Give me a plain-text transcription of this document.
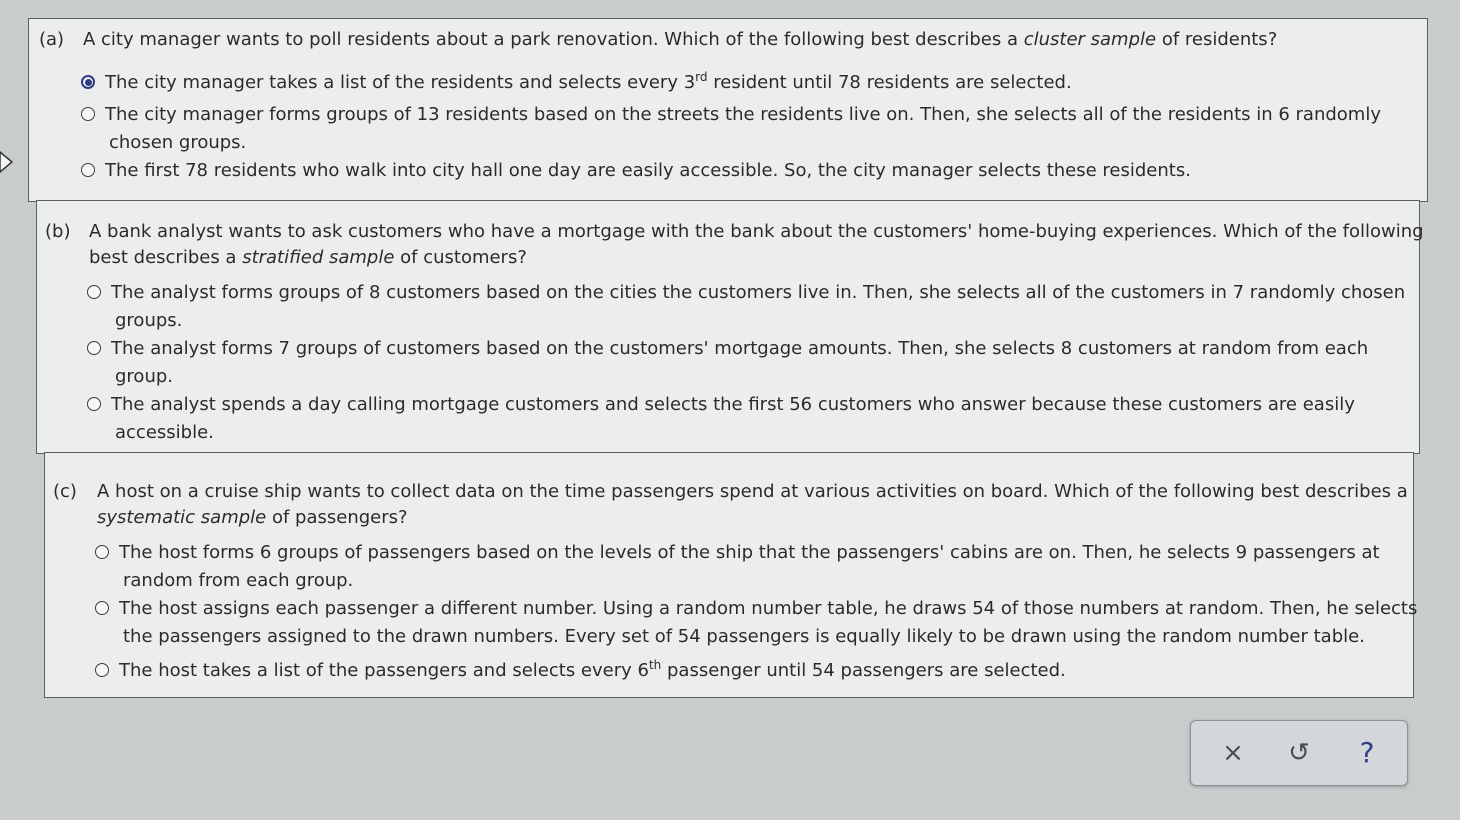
(a) A city manager wants to poll residents about a park renovation. Which of the following best describes a cluster sample of residents?
The city manager takes a list of the residents and selects every 3rd resident until 78 residents are selected.
The city manager forms groups of 13 residents based on the streets the residents live on. Then, she selects all of the residents in 6 randomly
chosen groups.
The first 78 residents who walk into city hall one day are easily accessible. So, the city manager selects these residents.
(b) A bank analyst wants to ask customers who have a mortgage with the bank about the customers' home-buying experiences. Which of the following
best describes a stratified sample of customers?
The analyst forms groups of 8 customers based on the cities the customers live in. Then, she selects all of the customers in 7 randomly chosen
groups.
The analyst forms 7 groups of customers based on the customers' mortgage amounts. Then, she selects 8 customers at random from each
group.
The analyst spends a day calling mortgage customers and selects the first 56 customers who answer because these customers are easily
accessible.
(c) A host on a cruise ship wants to collect data on the time passengers spend at various activities on board. Which of the following best describes a
systematic sample of passengers?
The host forms 6 groups of passengers based on the levels of the ship that the passengers' cabins are on. Then, he selects 9 passengers at
random from each group.
The host assigns each passenger a different number. Using a random number table, he draws 54 of those numbers at random. Then, he selects
the passengers assigned to the drawn numbers. Every set of 54 passengers is equally likely to be drawn using the random number table.
The host takes a list of the passengers and selects every 6th passenger until 54 passengers are selected.
×	↺	?
